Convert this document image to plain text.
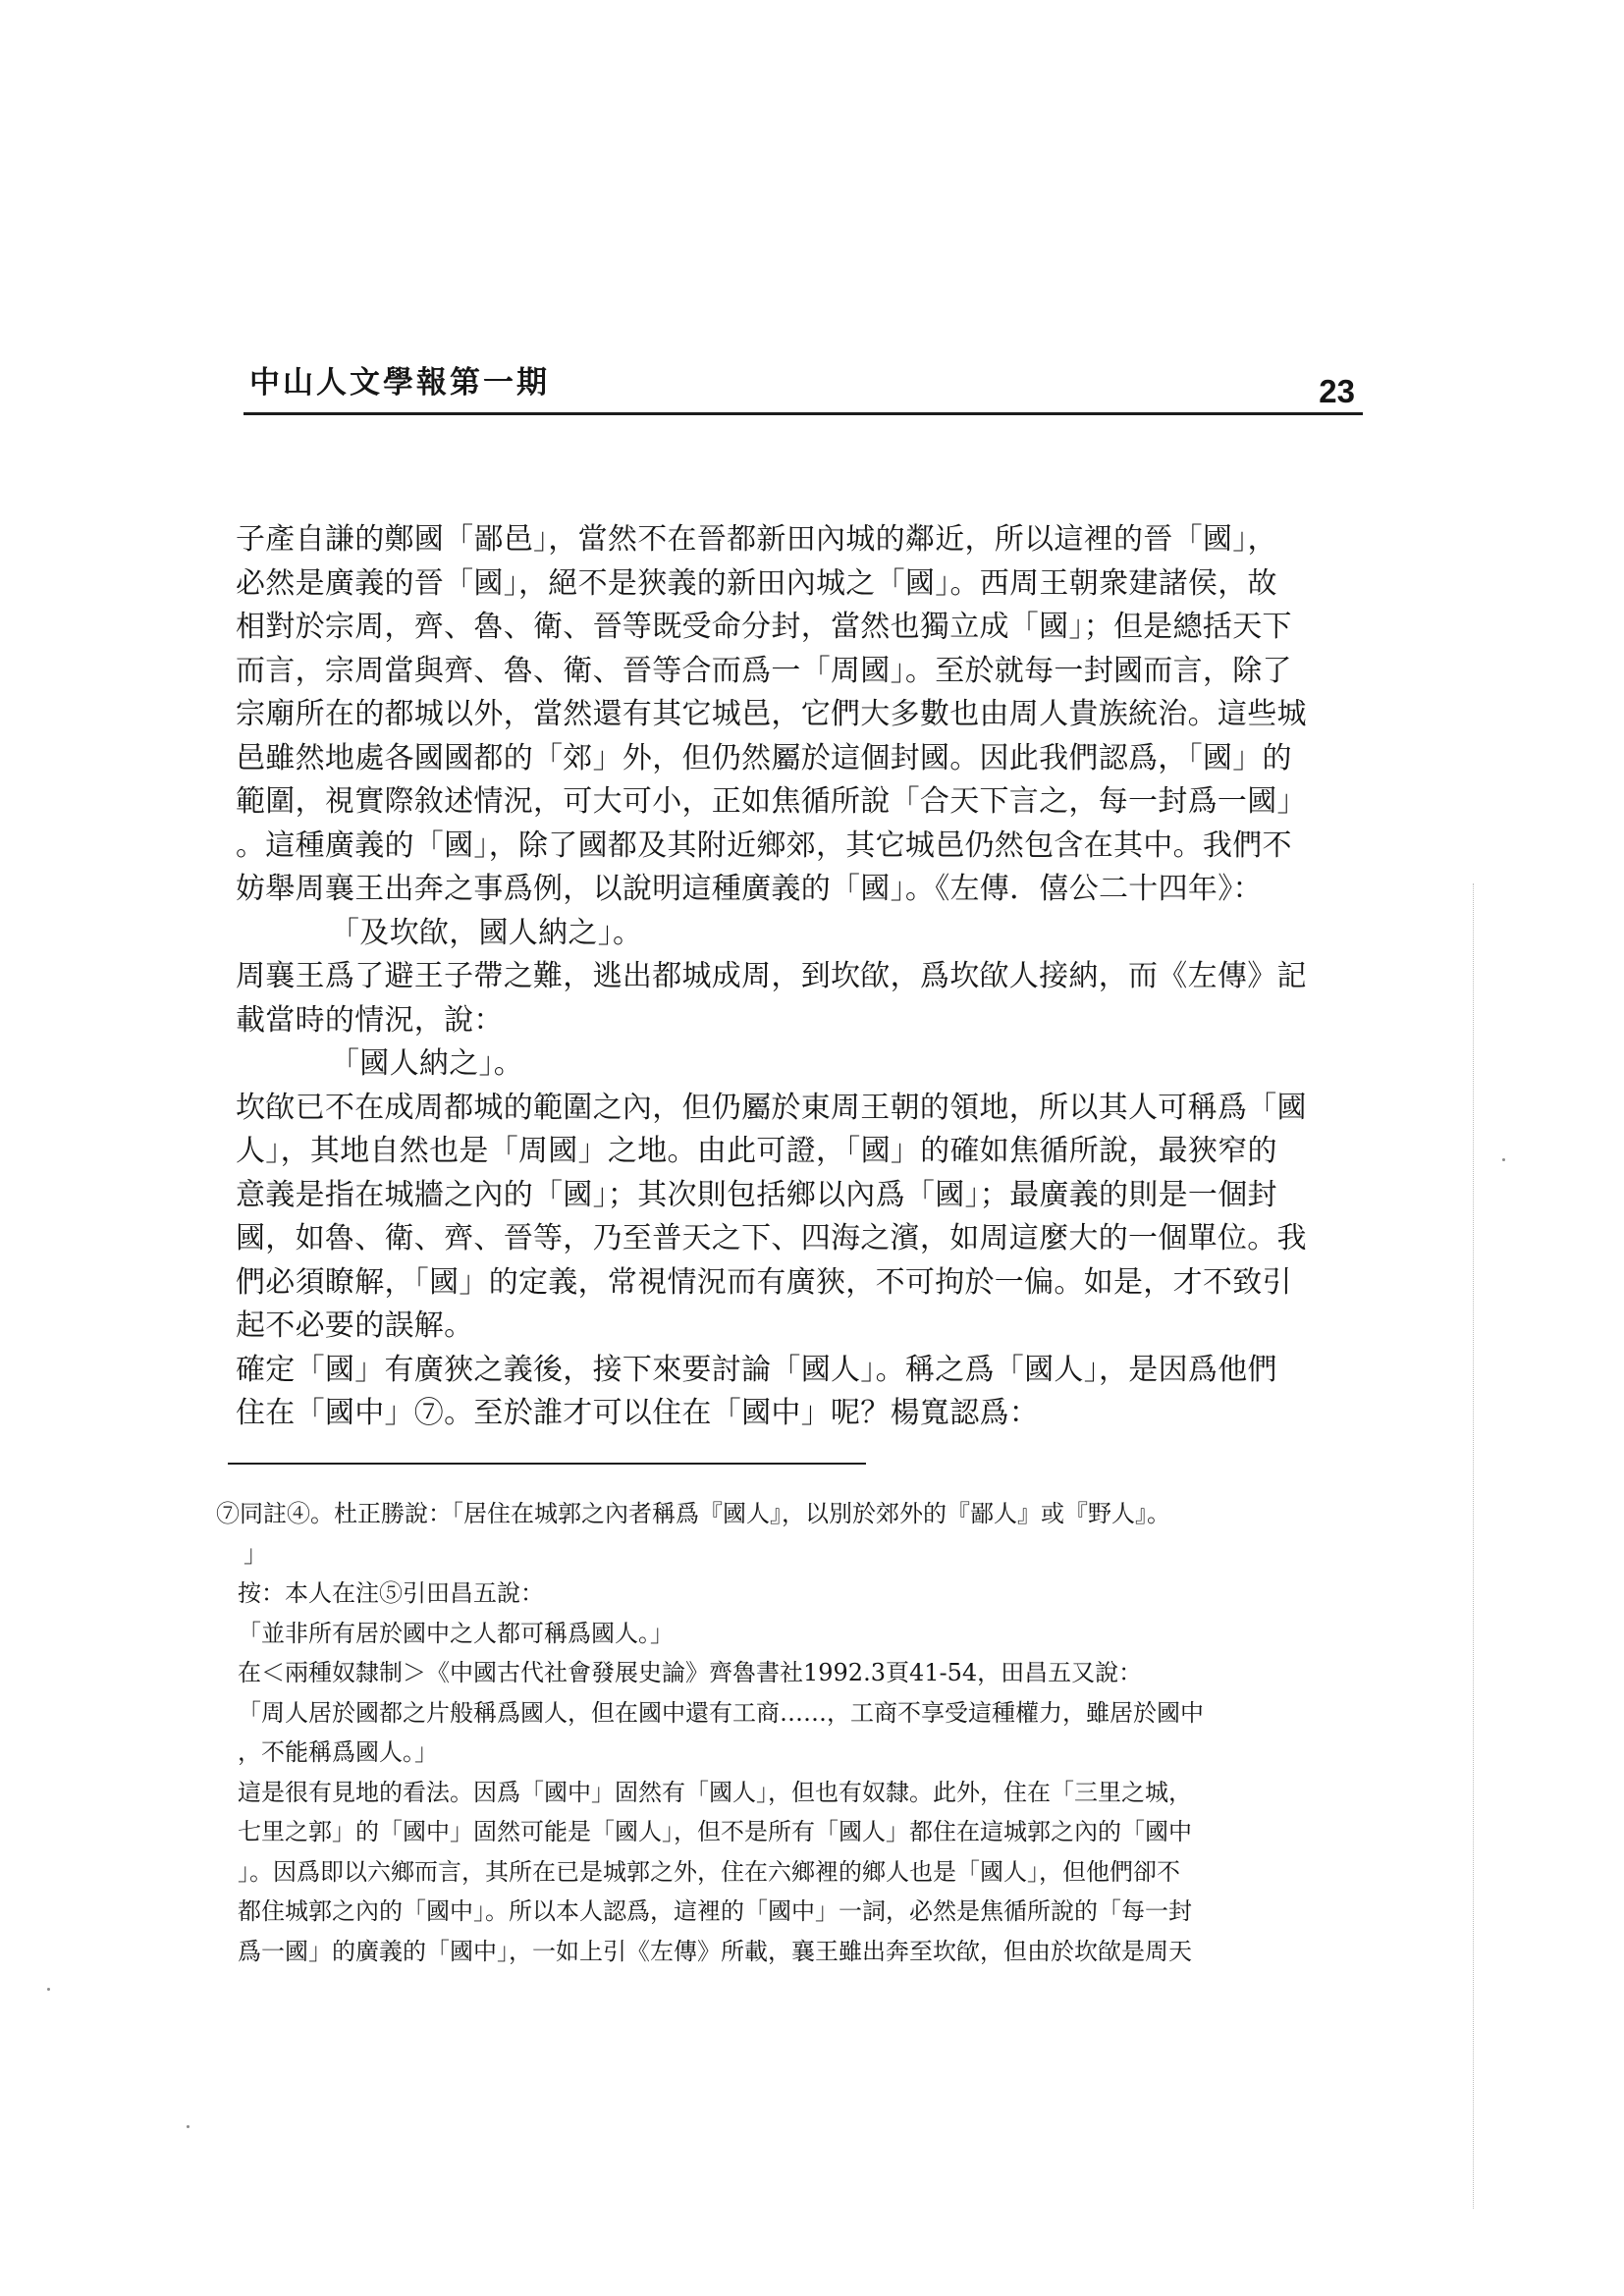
中山人文學報第一期	23
子產自謙的鄭國「鄙邑」，當然不在晉都新田內城的鄰近，所以這裡的晉「國」，
必然是廣義的晉「國」，絕不是狹義的新田內城之「國」。西周王朝衆建諸侯，故
相對於宗周，齊、魯、衛、晉等既受命分封，當然也獨立成「國」；但是總括天下
而言，宗周當與齊、魯、衛、晉等合而爲一「周國」。至於就每一封國而言，除了
宗廟所在的都城以外，當然還有其它城邑，它們大多數也由周人貴族統治。這些城
邑雖然地處各國國都的「郊」外，但仍然屬於這個封國。因此我們認爲，「國」的
範圍，視實際敘述情況，可大可小，正如焦循所說「合天下言之，每一封爲一國」
。這種廣義的「國」，除了國都及其附近鄉郊，其它城邑仍然包含在其中。我們不
妨舉周襄王出奔之事爲例，以說明這種廣義的「國」。《左傳．僖公二十四年》：
「及坎欿，國人納之」。
周襄王爲了避王子帶之難，逃出都城成周，到坎欿，爲坎欿人接納，而《左傳》記
載當時的情況，說：
「國人納之」。
坎欿已不在成周都城的範圍之內，但仍屬於東周王朝的領地，所以其人可稱爲「國
人」，其地自然也是「周國」之地。由此可證，「國」的確如焦循所說，最狹窄的
意義是指在城牆之內的「國」；其次則包括鄉以內爲「國」；最廣義的則是一個封
國，如魯、衛、齊、晉等，乃至普天之下、四海之濱，如周這麼大的一個單位。我
們必須瞭解，「國」的定義，常視情況而有廣狹，不可拘於一偏。如是，才不致引
起不必要的誤解。
確定「國」有廣狹之義後，接下來要討論「國人」。稱之爲「國人」，是因爲他們
住在「國中」⑦。至於誰才可以住在「國中」呢？楊寬認爲：
⑦同註④。杜正勝說：「居住在城郭之內者稱爲『國人』，以別於郊外的『鄙人』或『野人』。
」
按：本人在注⑤引田昌五說：
「並非所有居於國中之人都可稱爲國人。」
在＜兩種奴隸制＞《中國古代社會發展史論》齊魯書社1992.3頁41-54，田昌五又說：
「周人居於國都之片般稱爲國人，但在國中還有工商……，工商不享受這種權力，雖居於國中
，不能稱爲國人。」
這是很有見地的看法。因爲「國中」固然有「國人」，但也有奴隸。此外，住在「三里之城，
七里之郭」的「國中」固然可能是「國人」，但不是所有「國人」都住在這城郭之內的「國中
」。因爲即以六鄉而言，其所在已是城郭之外，住在六鄉裡的鄉人也是「國人」，但他們卻不
都住城郭之內的「國中」。所以本人認爲，這裡的「國中」一詞，必然是焦循所說的「每一封
爲一國」的廣義的「國中」，一如上引《左傳》所載，襄王雖出奔至坎欿，但由於坎欿是周天
